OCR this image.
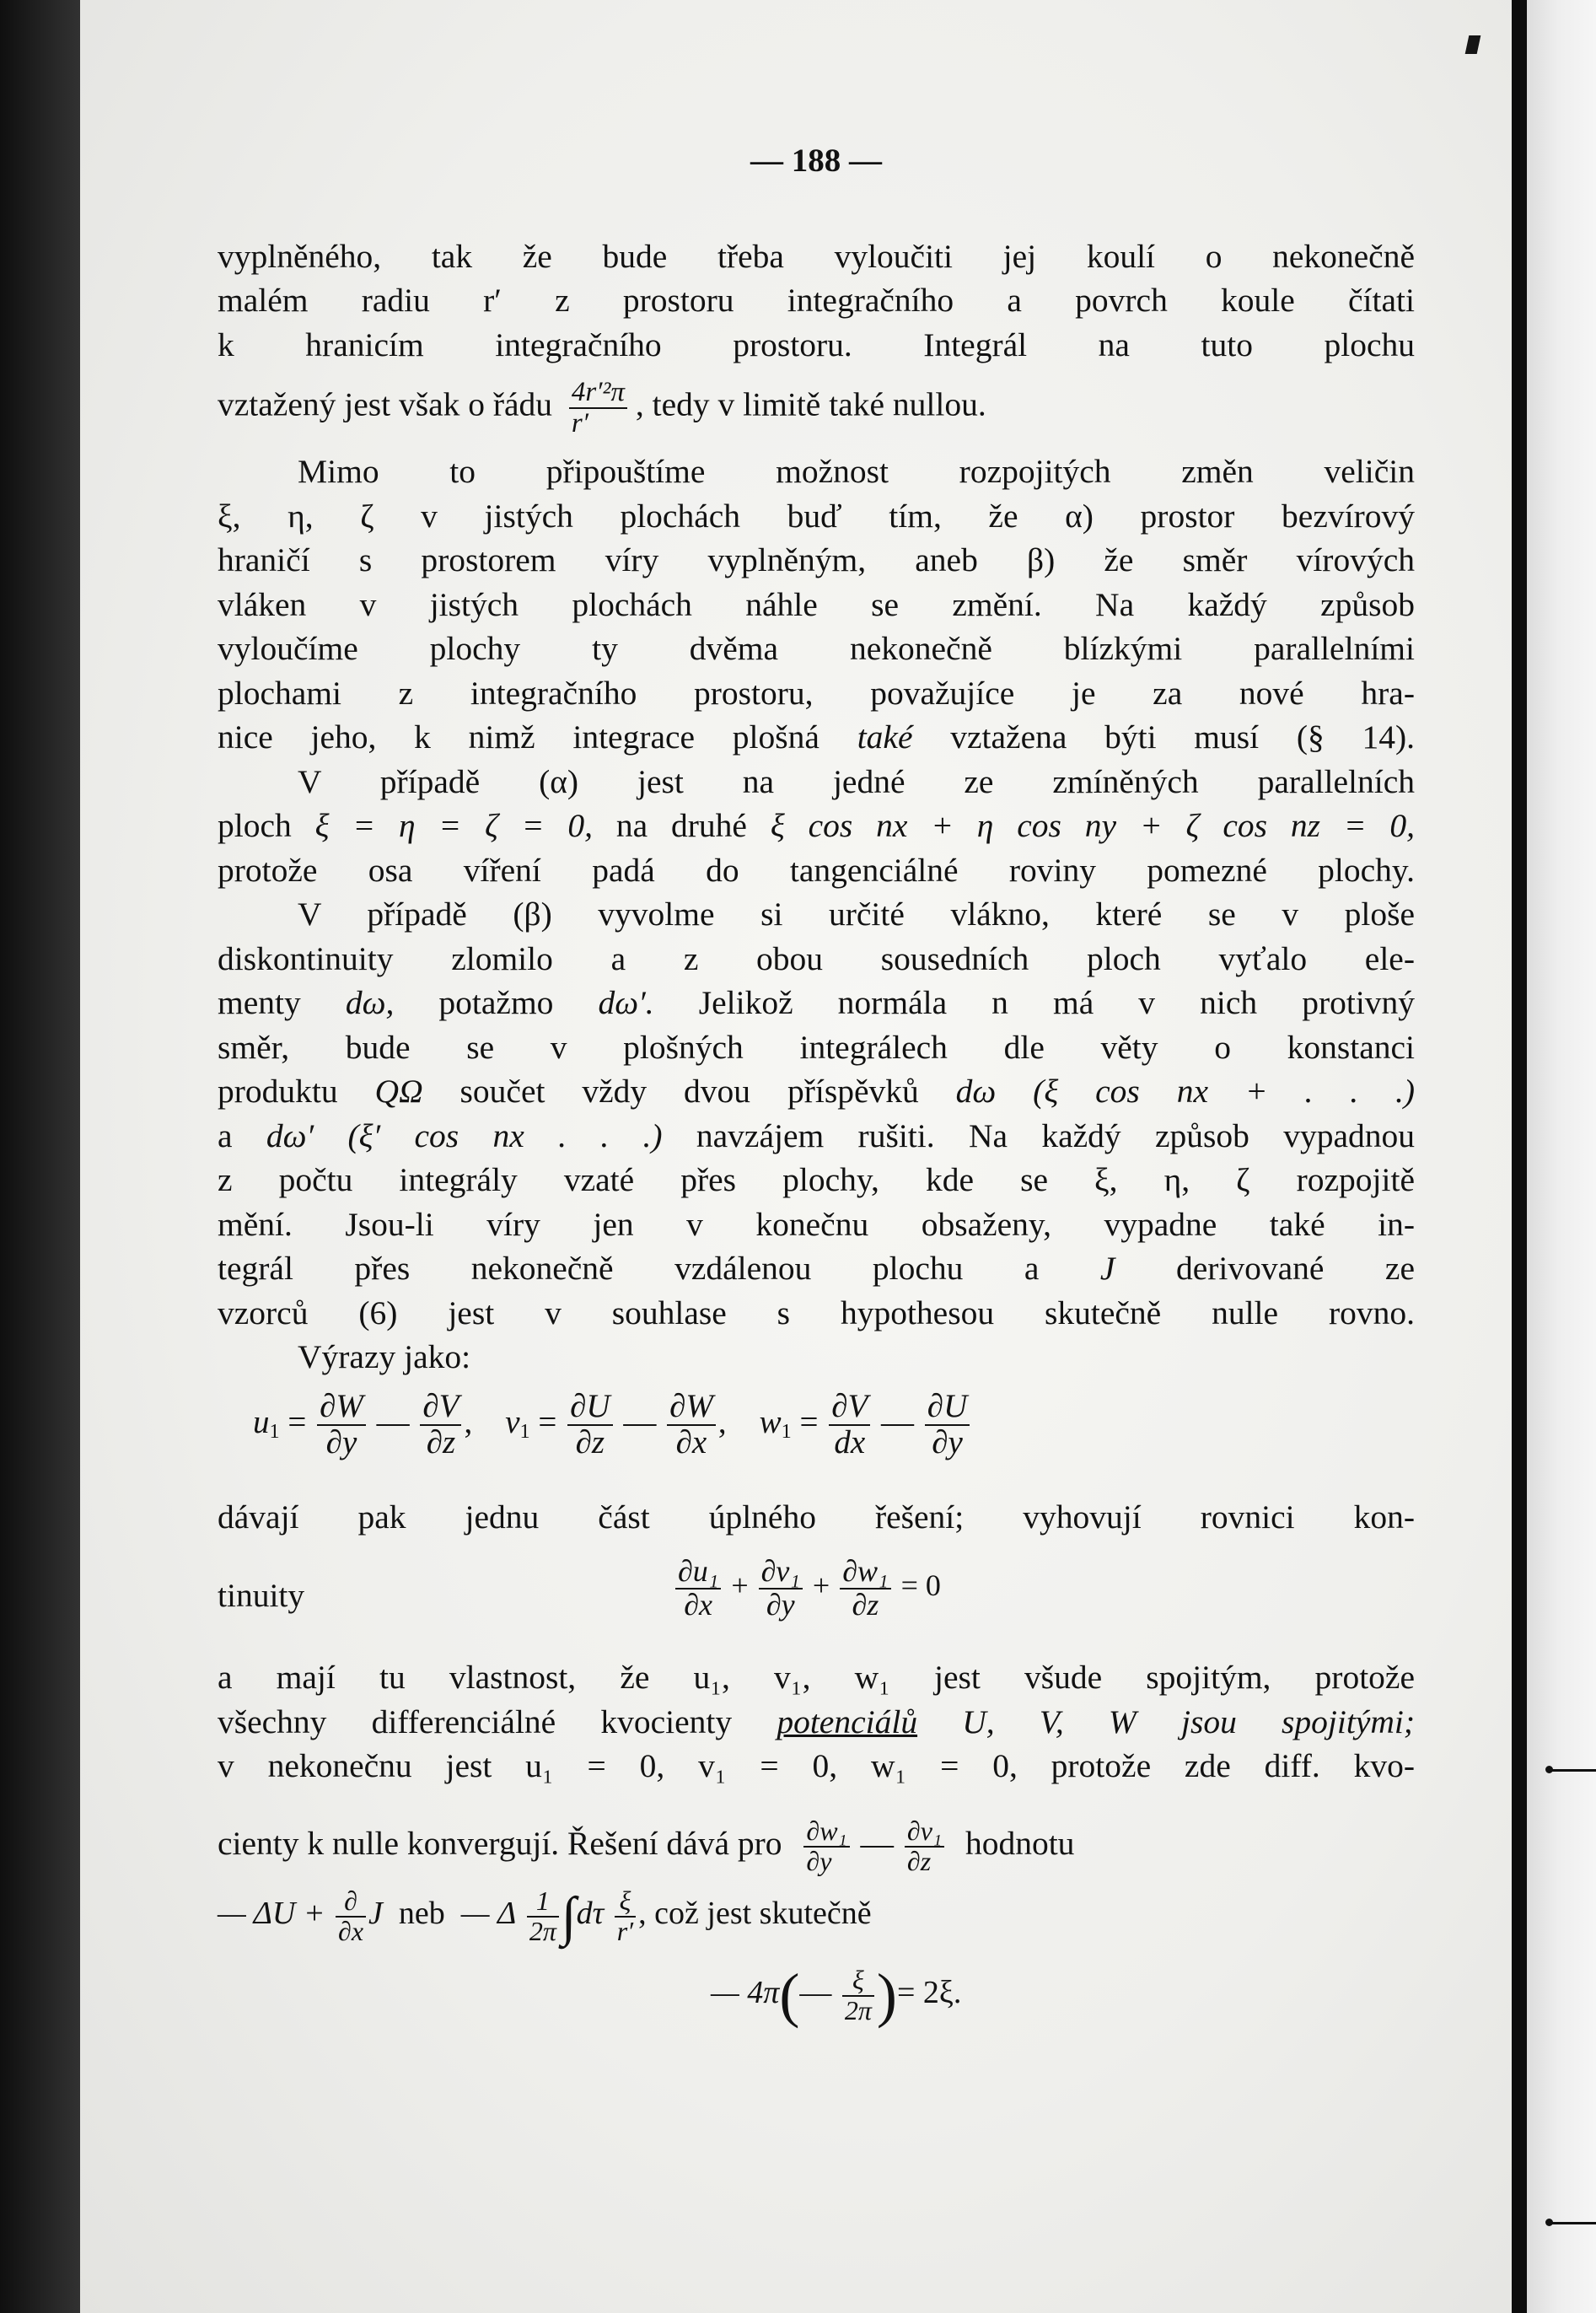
— 188 —
vyplněného, tak že bude třeba vyloučiti jej koulí o nekonečně
malém radiu r′ z prostoru integračního a povrch koule čítati
k hranicím integračního prostoru. Integrál na tuto plochu
vztažený jest však o řádu $\frac{\text{4r′²π}}{r'}$ , tedy v limitě také nullou.
Mimo to připouštíme možnost rozpojitých změn veličin
ξ, η, ζ v jistých plochách buď tím, že α) prostor bezvírový
hraničí s prostorem víry vyplněným, aneb β) že směr vírových
vláken v jistých plochách náhle se změní. Na každý způsob
vyloučíme plochy ty dvěma nekonečně blízkými parallelními
plochami z integračního prostoru, považujíce je za nové hra-
nice jeho, k nimž integrace plošná také vztažena býti musí (§ 14).
V případě (α) jest na jedné ze zmíněných parallelních
ploch ξ = η = ζ = 0, na druhé ξ cos nx + η cos ny + ζ cos nz = 0,
protože osa víření padá do tangenciálné roviny pomezné plochy.
V případě (β) vyvolme si určité vlákno, které se v ploše
diskontinuity zlomilo a z obou sousedních ploch vyťalo ele-
menty dω, potažmo dω′. Jelikož normála n má v nich protivný
směr, bude se v plošných integrálech dle věty o konstanci
produktu QΩ součet vždy dvou příspěvků dω (ξ cos nx + . . .)
a dω′ (ξ′ cos nx . . .) navzájem rušiti. Na každý způsob vypadnou
z počtu integrály vzaté přes plochy, kde se ξ, η, ζ rozpojitě
mění. Jsou-li víry jen v konečnu obsaženy, vypadne také in-
tegrál přes nekonečně vzdálenou plochu a J derivované ze
vzorců (6) jest v souhlase s hypothesou skutečně nulle rovno.
Výrazy jako:
$u_1 = \frac{\partial W}{\partial y}$ — $\frac{\partial V}{\partial z}$ , $v_1 = \frac{\partial U}{\partial z}$ — $\frac{\partial W}{\partial x}$ , $w_1 = \frac{\partial V}{dx}$ — $\frac{\partial U}{\partial y}$
dávají pak jednu část úplného řešení; vyhovují rovnici kon-
tinuity	$\frac{\text{∂u₁}}{\partial x} + \frac{\text{∂v₁}}{\partial y} + \frac{\text{∂w₁}}{\partial z} = 0$
a mají tu vlastnost, že u₁, v₁, w₁ jest všude spojitým, protože
všechny differenciálné kvocienty potenciálů U, V, W jsou spojitými;
v nekonečnu jest u₁ = 0, v₁ = 0, w₁ = 0, protože zde diff. kvo-
cienty k nulle konvergují. Řešení dává pro $\frac{\text{∂w₁}}{\partial y}$ — $\frac{\text{∂v₁}}{\partial z}$ hodnotu
— $\Delta U + \frac{\partial}{\partial x}$ J neb — Δ $\frac{1}{2\pi} \int d\tau \frac{\xi}{r'}$ , což jest skutečně
— 4π(— $\frac{\xi}{2\pi}$ )= 2ξ.
